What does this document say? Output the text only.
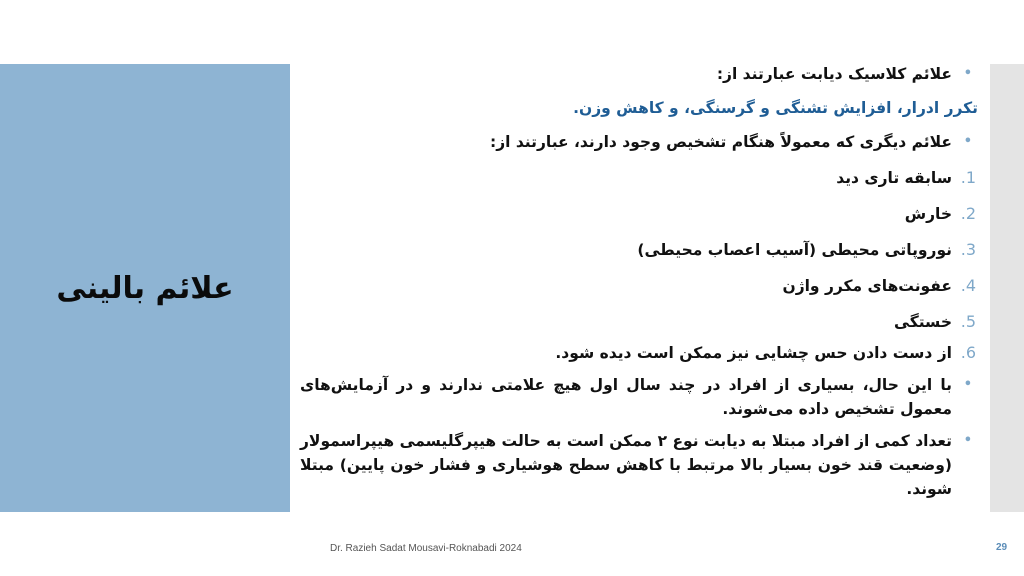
علائم بالینی
• علائم کلاسیک دیابت عبارتند از:
تکرر ادرار، افزایش تشنگی و گرسنگی، و کاهش وزن.
• علائم دیگری که معمولاً هنگام تشخیص وجود دارند، عبارتند از:
1.
سابقه تاری دید
2.
خارش
3.
نوروپاتی محیطی (آسیب اعصاب محیطی)
4.
عفونت‌های مکرر واژن
5.
خستگی
6.
از دست دادن حس چشایی نیز ممکن است دیده شود.
• با این حال، بسیاری از افراد در چند سال اول هیچ علامتی ندارند و در آزمایش‌های معمول تشخیص داده می‌شوند.
• تعداد کمی از افراد مبتلا به دیابت نوع ۲ ممکن است به حالت هیپرگلیسمی هیپراسمولار (وضعیت قند خون بسیار بالا مرتبط با کاهش سطح هوشیاری و فشار خون پایین) مبتلا شوند.
Dr. Razieh Sadat Mousavi-Roknabadi 2024	29
